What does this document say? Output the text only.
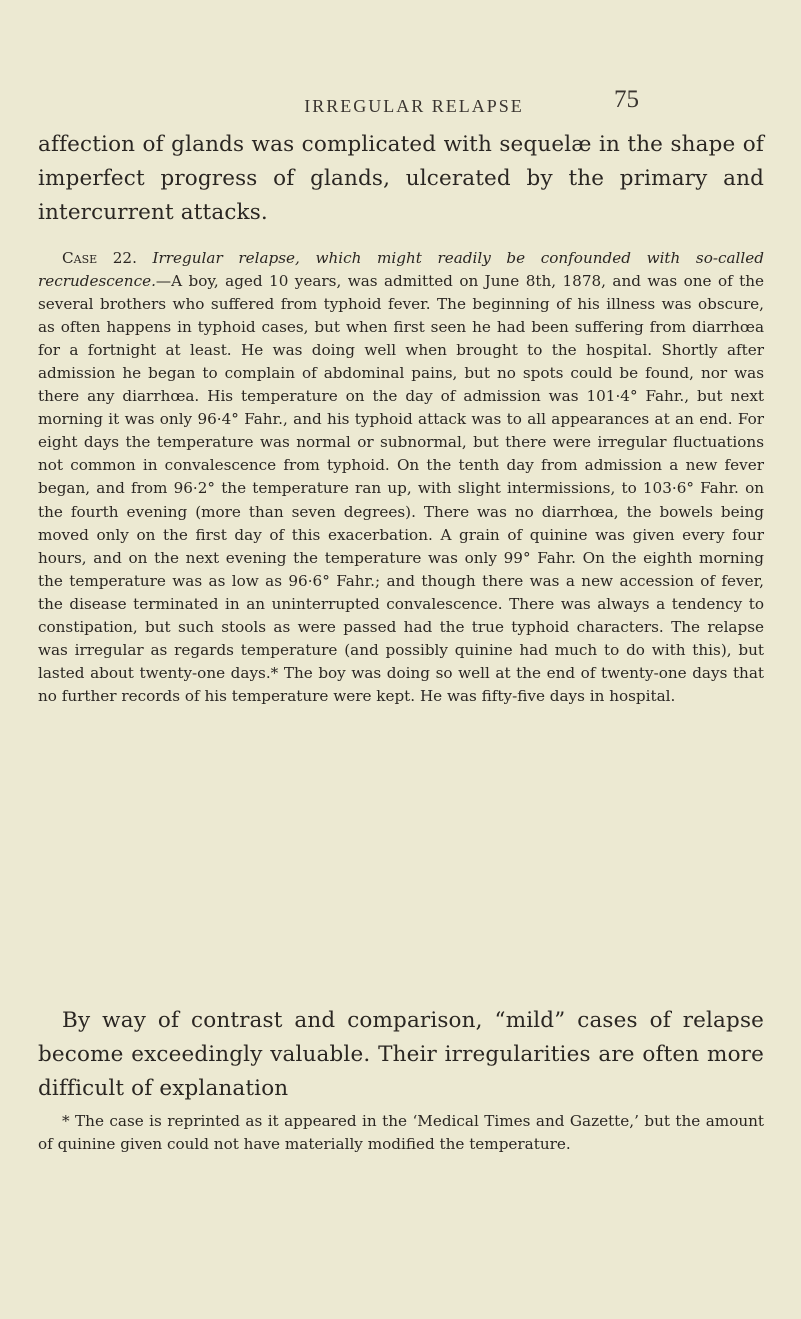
IRREGULAR RELAPSE	75

affection of glands was complicated with sequelæ in the shape of imperfect progress of glands, ulcerated by the primary and intercurrent attacks.

Case 22. Irregular relapse, which might readily be confounded with so-called recrudescence.—A boy, aged 10 years, was admitted on June 8th, 1878, and was one of the several brothers who suffered from typhoid fever. The beginning of his illness was obscure, as often happens in typhoid cases, but when first seen he had been suffering from diarrhœa for a fortnight at least. He was doing well when brought to the hospital. Shortly after admission he began to complain of abdominal pains, but no spots could be found, nor was there any diarrhœa. His temperature on the day of admission was 101·4° Fahr., but next morning it was only 96·4° Fahr., and his typhoid attack was to all appearances at an end. For eight days the temperature was normal or subnormal, but there were irregular fluctuations not common in convalescence from typhoid. On the tenth day from admission a new fever began, and from 96·2° the temperature ran up, with slight intermissions, to 103·6° Fahr. on the fourth evening (more than seven degrees). There was no diarrhœa, the bowels being moved only on the first day of this exacerbation. A grain of quinine was given every four hours, and on the next evening the temperature was only 99° Fahr. On the eighth morning the temperature was as low as 96·6° Fahr.; and though there was a new accession of fever, the disease terminated in an uninterrupted convalescence. There was always a tendency to constipation, but such stools as were passed had the true typhoid characters. The relapse was irregular as regards temperature (and possibly quinine had much to do with this), but lasted about twenty-one days.* The boy was doing so well at the end of twenty-one days that no further records of his temperature were kept. He was fifty-five days in hospital.

By way of contrast and comparison, “mild” cases of relapse become exceedingly valuable. Their irregularities are often more difficult of explanation

* The case is reprinted as it appeared in the ‘Medical Times and Gazette,’ but the amount of quinine given could not have materially modified the temperature.
